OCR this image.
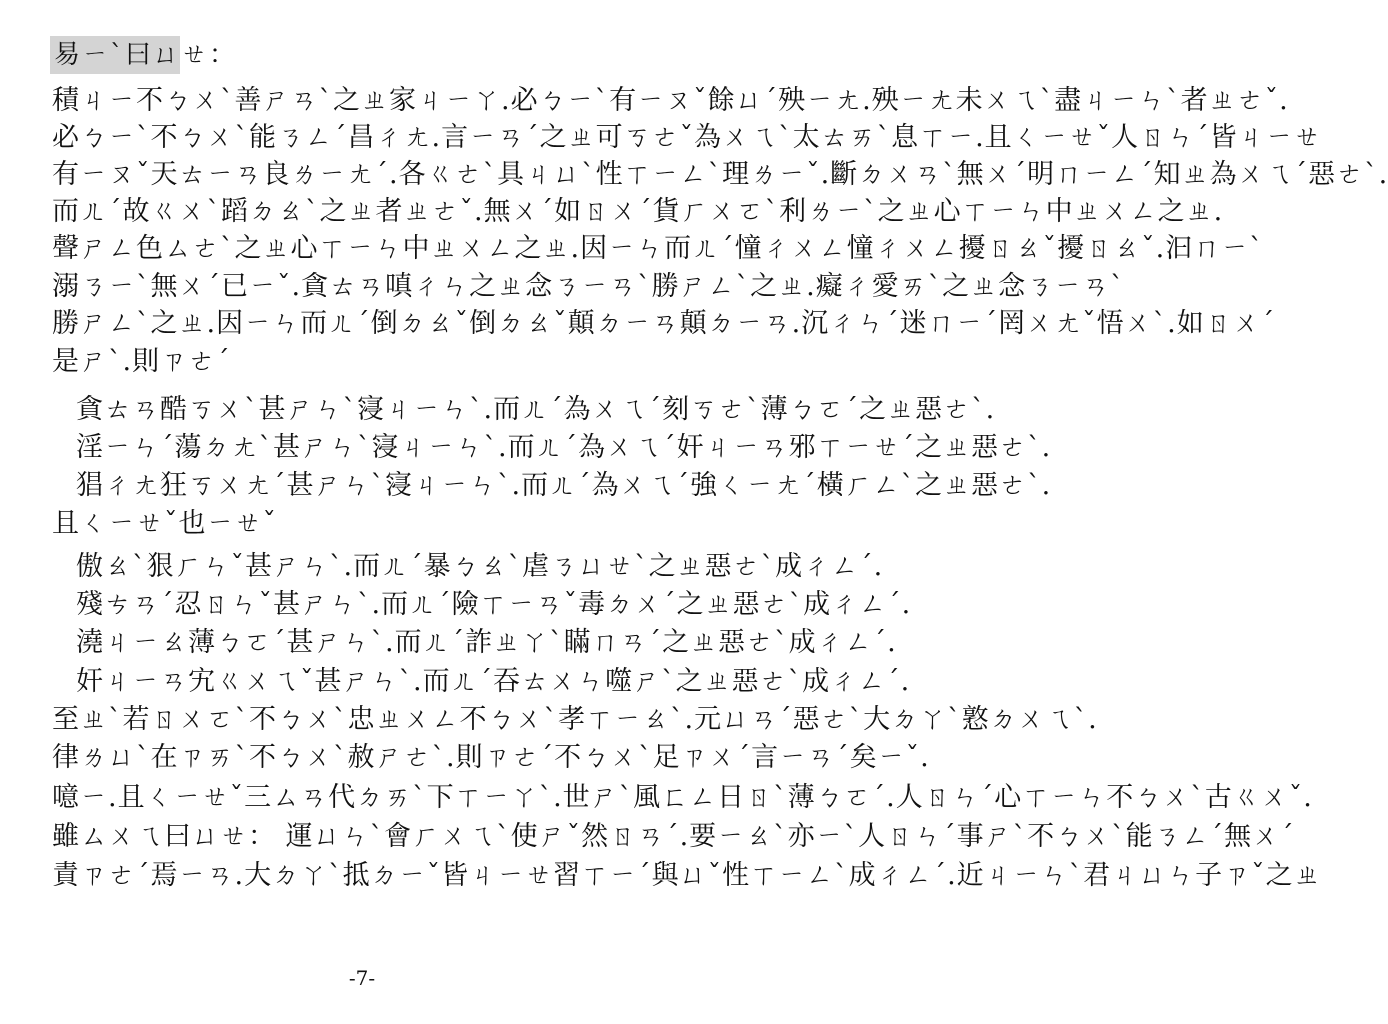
易ㄧˋ曰ㄩㄝ：
積ㄐㄧ不ㄅㄨˋ善ㄕㄢˋ之ㄓ家ㄐㄧㄚ.必ㄅㄧˋ有ㄧㄡˇ餘ㄩˊ殃ㄧㄤ.殃ㄧㄤ未ㄨㄟˋ盡ㄐㄧㄣˋ者ㄓㄜˇ.
必ㄅㄧˋ不ㄅㄨˋ能ㄋㄥˊ昌ㄔㄤ.言ㄧㄢˊ之ㄓ可ㄎㄜˇ為ㄨㄟˋ太ㄊㄞˋ息ㄒㄧ.且ㄑㄧㄝˇ人ㄖㄣˊ皆ㄐㄧㄝ
有ㄧㄡˇ天ㄊㄧㄢ良ㄌㄧㄤˊ.各ㄍㄜˋ具ㄐㄩˋ性ㄒㄧㄥˋ理ㄌㄧˇ.斷ㄉㄨㄢˋ無ㄨˊ明ㄇㄧㄥˊ知ㄓ為ㄨㄟˊ惡ㄜˋ.
而ㄦˊ故ㄍㄨˋ蹈ㄉㄠˋ之ㄓ者ㄓㄜˇ.無ㄨˊ如ㄖㄨˊ貨ㄏㄨㄛˋ利ㄌㄧˋ之ㄓ心ㄒㄧㄣ中ㄓㄨㄥ之ㄓ.
聲ㄕㄥ色ㄙㄜˋ之ㄓ心ㄒㄧㄣ中ㄓㄨㄥ之ㄓ.因ㄧㄣ而ㄦˊ憧ㄔㄨㄥ憧ㄔㄨㄥ擾ㄖㄠˇ擾ㄖㄠˇ.汩ㄇㄧˋ
溺ㄋㄧˋ無ㄨˊ已ㄧˇ.貪ㄊㄢ嗔ㄔㄣ之ㄓ念ㄋㄧㄢˋ勝ㄕㄥˋ之ㄓ.癡ㄔ愛ㄞˋ之ㄓ念ㄋㄧㄢˋ
勝ㄕㄥˋ之ㄓ.因ㄧㄣ而ㄦˊ倒ㄉㄠˇ倒ㄉㄠˇ顛ㄉㄧㄢ顛ㄉㄧㄢ.沉ㄔㄣˊ迷ㄇㄧˊ罔ㄨㄤˇ悟ㄨˋ.如ㄖㄨˊ
是ㄕˋ.則ㄗㄜˊ
貪ㄊㄢ酷ㄎㄨˋ甚ㄕㄣˋ寖ㄐㄧㄣˋ.而ㄦˊ為ㄨㄟˊ刻ㄎㄜˋ薄ㄅㄛˊ之ㄓ惡ㄜˋ.
淫ㄧㄣˊ蕩ㄉㄤˋ甚ㄕㄣˋ寖ㄐㄧㄣˋ.而ㄦˊ為ㄨㄟˊ奸ㄐㄧㄢ邪ㄒㄧㄝˊ之ㄓ惡ㄜˋ.
猖ㄔㄤ狂ㄎㄨㄤˊ甚ㄕㄣˋ寖ㄐㄧㄣˋ.而ㄦˊ為ㄨㄟˊ強ㄑㄧㄤˊ橫ㄏㄥˋ之ㄓ惡ㄜˋ.
且ㄑㄧㄝˇ也ㄧㄝˇ
傲ㄠˋ狠ㄏㄣˇ甚ㄕㄣˋ.而ㄦˊ暴ㄅㄠˋ虐ㄋㄩㄝˋ之ㄓ惡ㄜˋ成ㄔㄥˊ.
殘ㄘㄢˊ忍ㄖㄣˇ甚ㄕㄣˋ.而ㄦˊ險ㄒㄧㄢˇ毒ㄉㄨˊ之ㄓ惡ㄜˋ成ㄔㄥˊ.
澆ㄐㄧㄠ薄ㄅㄛˊ甚ㄕㄣˋ.而ㄦˊ詐ㄓㄚˋ瞞ㄇㄢˊ之ㄓ惡ㄜˋ成ㄔㄥˊ.
奸ㄐㄧㄢ宄ㄍㄨㄟˇ甚ㄕㄣˋ.而ㄦˊ吞ㄊㄨㄣ噬ㄕˋ之ㄓ惡ㄜˋ成ㄔㄥˊ.
至ㄓˋ若ㄖㄨㄛˋ不ㄅㄨˋ忠ㄓㄨㄥ不ㄅㄨˋ孝ㄒㄧㄠˋ.元ㄩㄢˊ惡ㄜˋ大ㄉㄚˋ憝ㄉㄨㄟˋ.
律ㄌㄩˋ在ㄗㄞˋ不ㄅㄨˋ赦ㄕㄜˋ.則ㄗㄜˊ不ㄅㄨˋ足ㄗㄨˊ言ㄧㄢˊ矣ㄧˇ.
噫ㄧ.且ㄑㄧㄝˇ三ㄙㄢ代ㄉㄞˋ下ㄒㄧㄚˋ.世ㄕˋ風ㄈㄥ日ㄖˋ薄ㄅㄛˊ.人ㄖㄣˊ心ㄒㄧㄣ不ㄅㄨˋ古ㄍㄨˇ.
雖ㄙㄨㄟ曰ㄩㄝ： 運ㄩㄣˋ會ㄏㄨㄟˋ使ㄕˇ然ㄖㄢˊ.要ㄧㄠˋ亦ㄧˋ人ㄖㄣˊ事ㄕˋ不ㄅㄨˋ能ㄋㄥˊ無ㄨˊ
責ㄗㄜˊ焉ㄧㄢ.大ㄉㄚˋ抵ㄉㄧˇ皆ㄐㄧㄝ習ㄒㄧˊ與ㄩˇ性ㄒㄧㄥˋ成ㄔㄥˊ.近ㄐㄧㄣˋ君ㄐㄩㄣ子ㄗˇ之ㄓ
-7-
